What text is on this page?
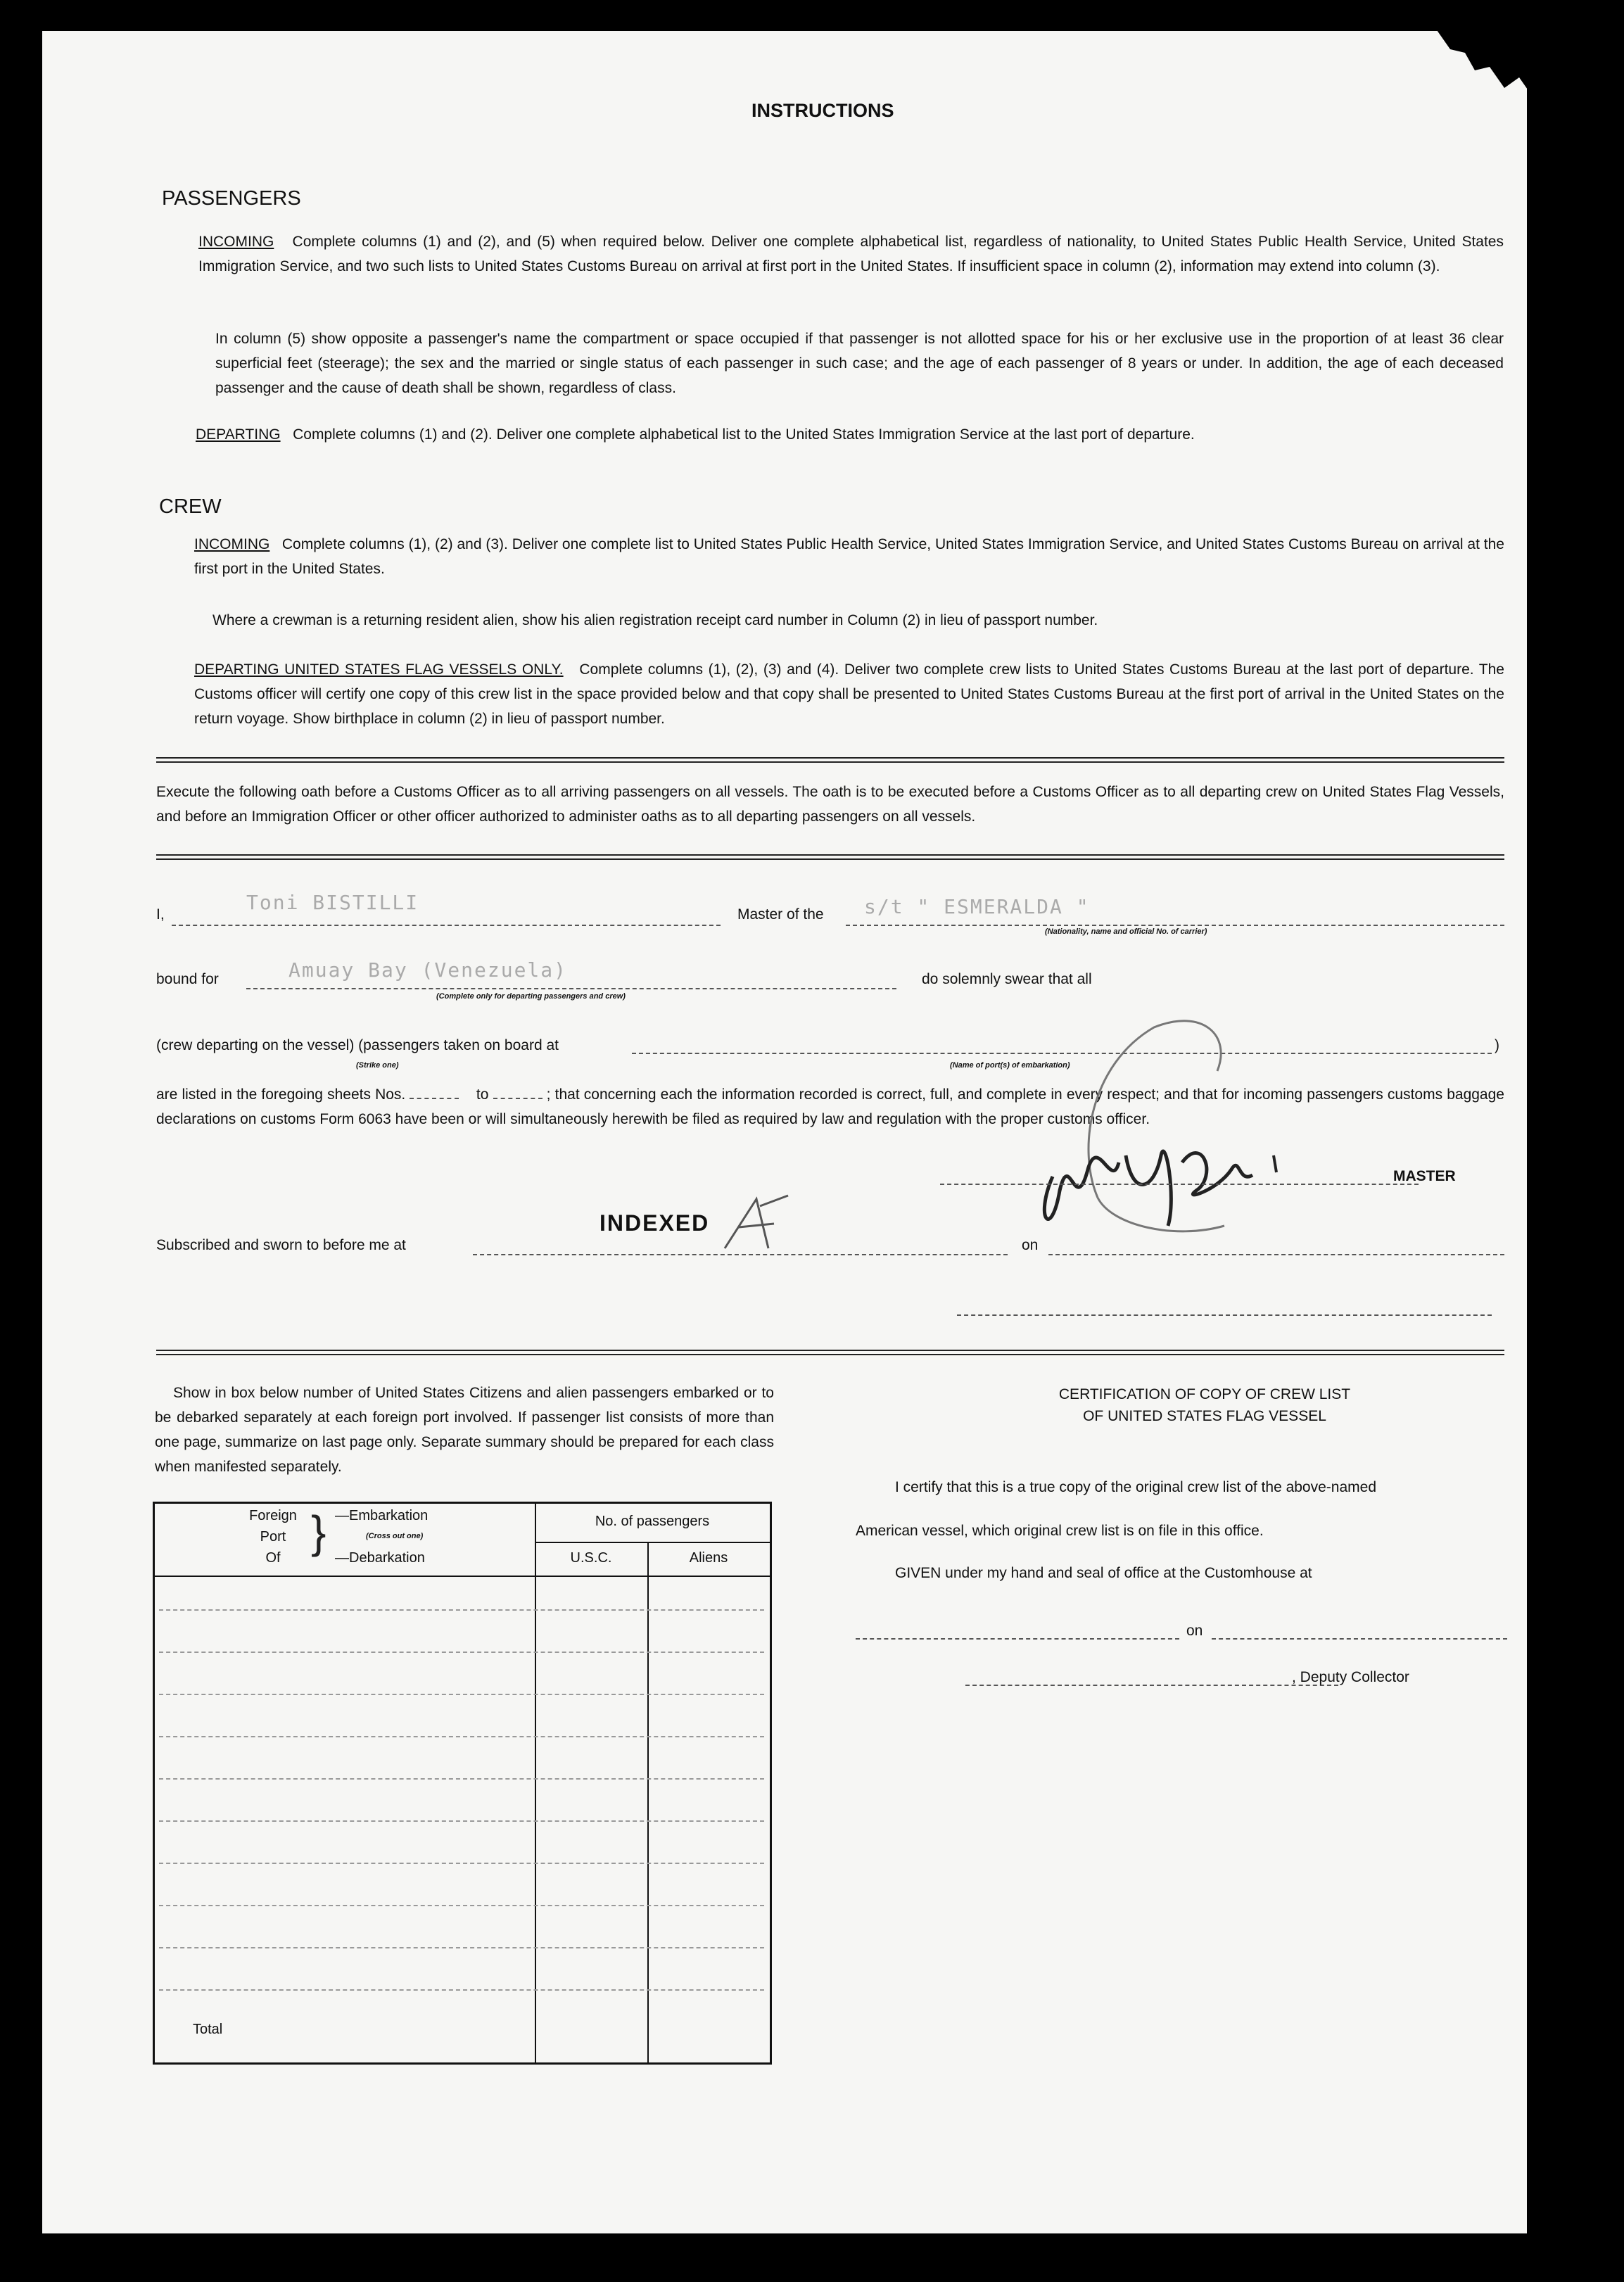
INSTRUCTIONS
PASSENGERS

INCOMING Complete columns (1) and (2), and (5) when required below. Deliver one complete alphabetical list, regardless of nationality, to United States Public Health Service, United States Immigration Service, and two such lists to United States Customs Bureau on arrival at first port in the United States. If insufficient space in column (2), information may extend into column (3).

In column (5) show opposite a passenger's name the compartment or space occupied if that passenger is not allotted space for his or her exclusive use in the proportion of at least 36 clear superficial feet (steerage); the sex and the married or single status of each passenger in such case; and the age of each passenger of 8 years or under. In addition, the age of each deceased passenger and the cause of death shall be shown, regardless of class.

DEPARTING Complete columns (1) and (2). Deliver one complete alphabetical list to the United States Immigration Service at the last port of departure.

CREW

INCOMING Complete columns (1), (2) and (3). Deliver one complete list to United States Public Health Service, United States Immigration Service, and United States Customs Bureau on arrival at the first port in the United States.

Where a crewman is a returning resident alien, show his alien registration receipt card number in Column (2) in lieu of passport number.

DEPARTING UNITED STATES FLAG VESSELS ONLY. Complete columns (1), (2), (3) and (4). Deliver two complete crew lists to United States Customs Bureau at the last port of departure. The Customs officer will certify one copy of this crew list in the space provided below and that copy shall be presented to United States Customs Bureau at the first port of arrival in the United States on the return voyage. Show birthplace in column (2) in lieu of passport number.

Execute the following oath before a Customs Officer as to all arriving passengers on all vessels. The oath is to be executed before a Customs Officer as to all departing crew on United States Flag Vessels, and before an Immigration Officer or other officer authorized to administer oaths as to all departing passengers on all vessels.

I,
Toni BISTILLI
Master of the s/t " ESMERALDA "
(Nationality, name and official No. of carrier)
bound for	Amuay Bay (Venezuela)
(Complete only for departing passengers and crew)
do solemnly swear that all
(crew departing on the vessel) (passengers taken on board at	)
(Strike one)	(Name of port(s) of embarkation)

are listed in the foregoing sheets Nos.	to	; that concerning each the information recorded is correct, full, and complete in every respect; and that for incoming passengers customs baggage declarations on customs Form 6063 have been or will simultaneously herewith be filed as required by law and regulation with the proper customs officer.

MASTER
INDEXED
Subscribed and sworn to before me at	on

Show in box below number of United States Citizens and alien passengers embarked or to be debarked separately at each foreign port involved. If passenger list consists of more than one page, summarize on last page only. Separate summary should be prepared for each class when manifested separately.

Foreign
Port
Of
} —Embarkation
(Cross out one)
—Debarkation
No. of passengers
U.S.C.	Aliens
Total
CERTIFICATION OF COPY OF CREW LIST
OF UNITED STATES FLAG VESSEL
I certify that this is a true copy of the original crew list of the above-named
American vessel, which original crew list is on file in this office.
GIVEN under my hand and seal of office at the Customhouse at
on
, Deputy Collector
